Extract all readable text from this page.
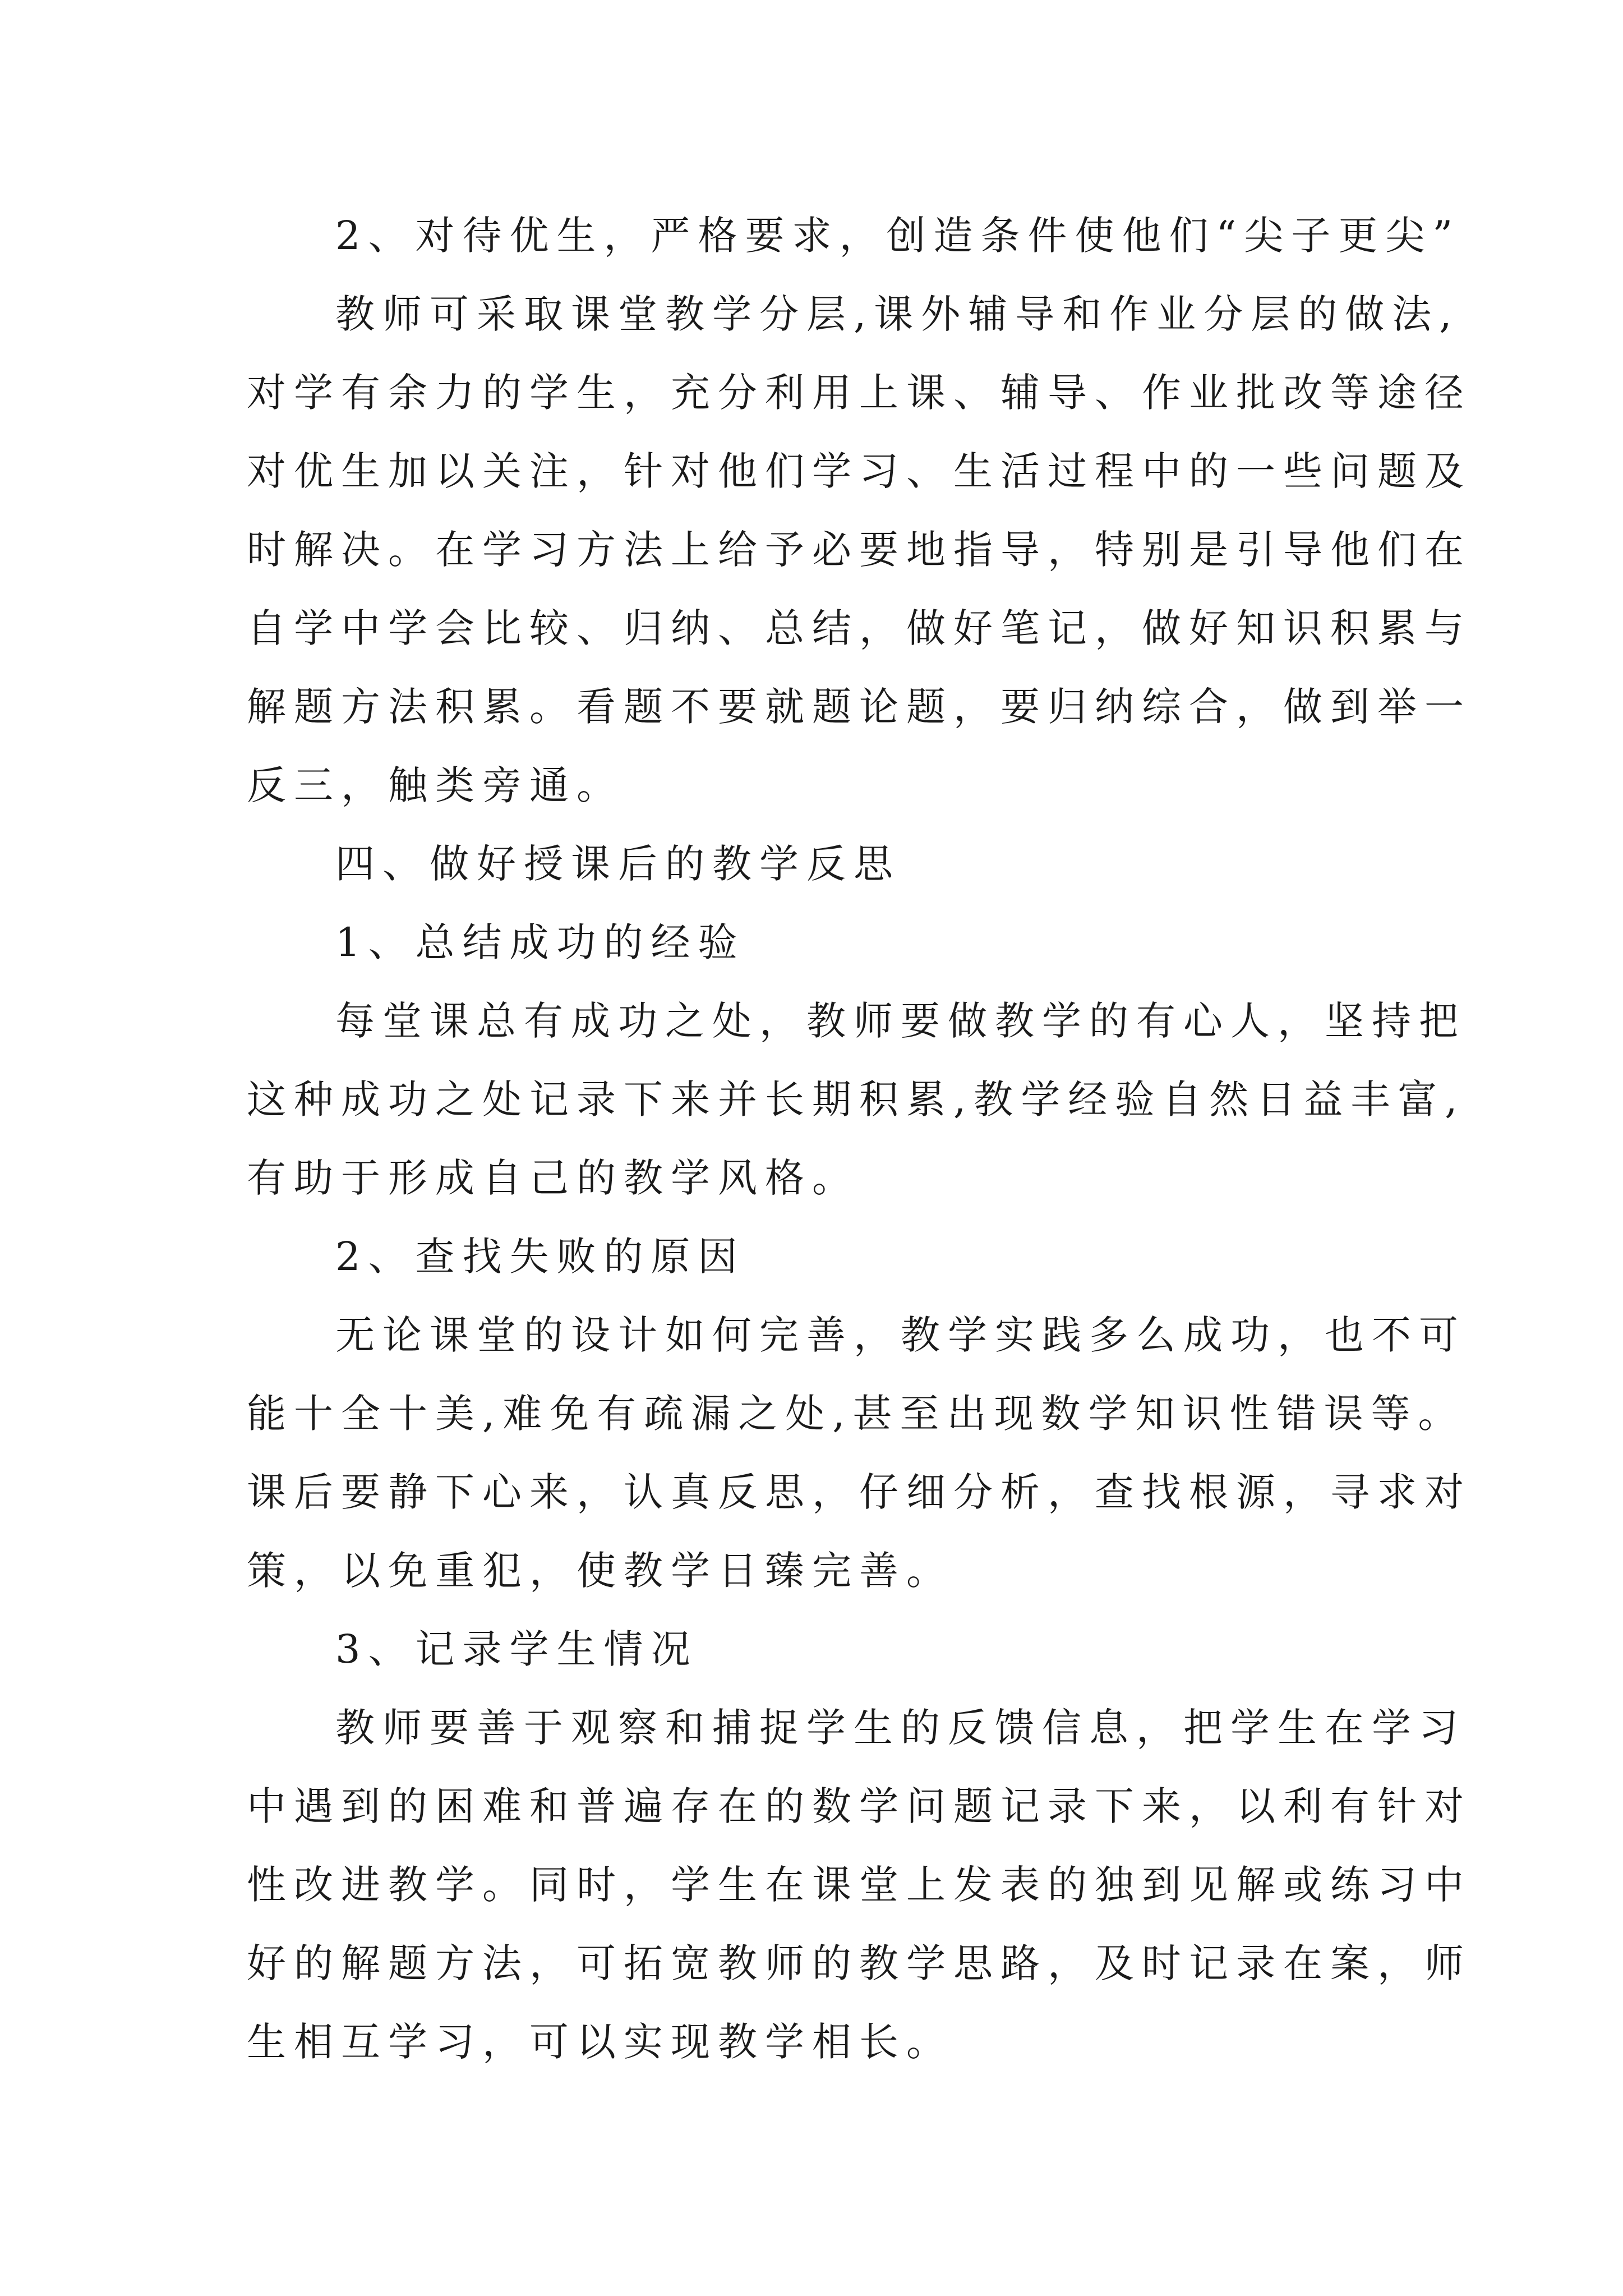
2、对待优生，严格要求，创造条件使他们“尖子更尖”
教师可采取课堂教学分层,课外辅导和作业分层的做法,
对学有余力的学生，充分利用上课、辅导、作业批改等途径
对优生加以关注，针对他们学习、生活过程中的一些问题及
时解决。在学习方法上给予必要地指导，特别是引导他们在
自学中学会比较、归纳、总结，做好笔记，做好知识积累与
解题方法积累。看题不要就题论题，要归纳综合，做到举一
反三，触类旁通。
四、做好授课后的教学反思
1、总结成功的经验
每堂课总有成功之处，教师要做教学的有心人，坚持把
这种成功之处记录下来并长期积累,教学经验自然日益丰富,
有助于形成自己的教学风格。
2、查找失败的原因
无论课堂的设计如何完善，教学实践多么成功，也不可
能十全十美,难免有疏漏之处,甚至出现数学知识性错误等。
课后要静下心来，认真反思，仔细分析，查找根源，寻求对
策，以免重犯，使教学日臻完善。
3、记录学生情况
教师要善于观察和捕捉学生的反馈信息，把学生在学习
中遇到的困难和普遍存在的数学问题记录下来，以利有针对
性改进教学。同时，学生在课堂上发表的独到见解或练习中
好的解题方法，可拓宽教师的教学思路，及时记录在案，师
生相互学习，可以实现教学相长。
